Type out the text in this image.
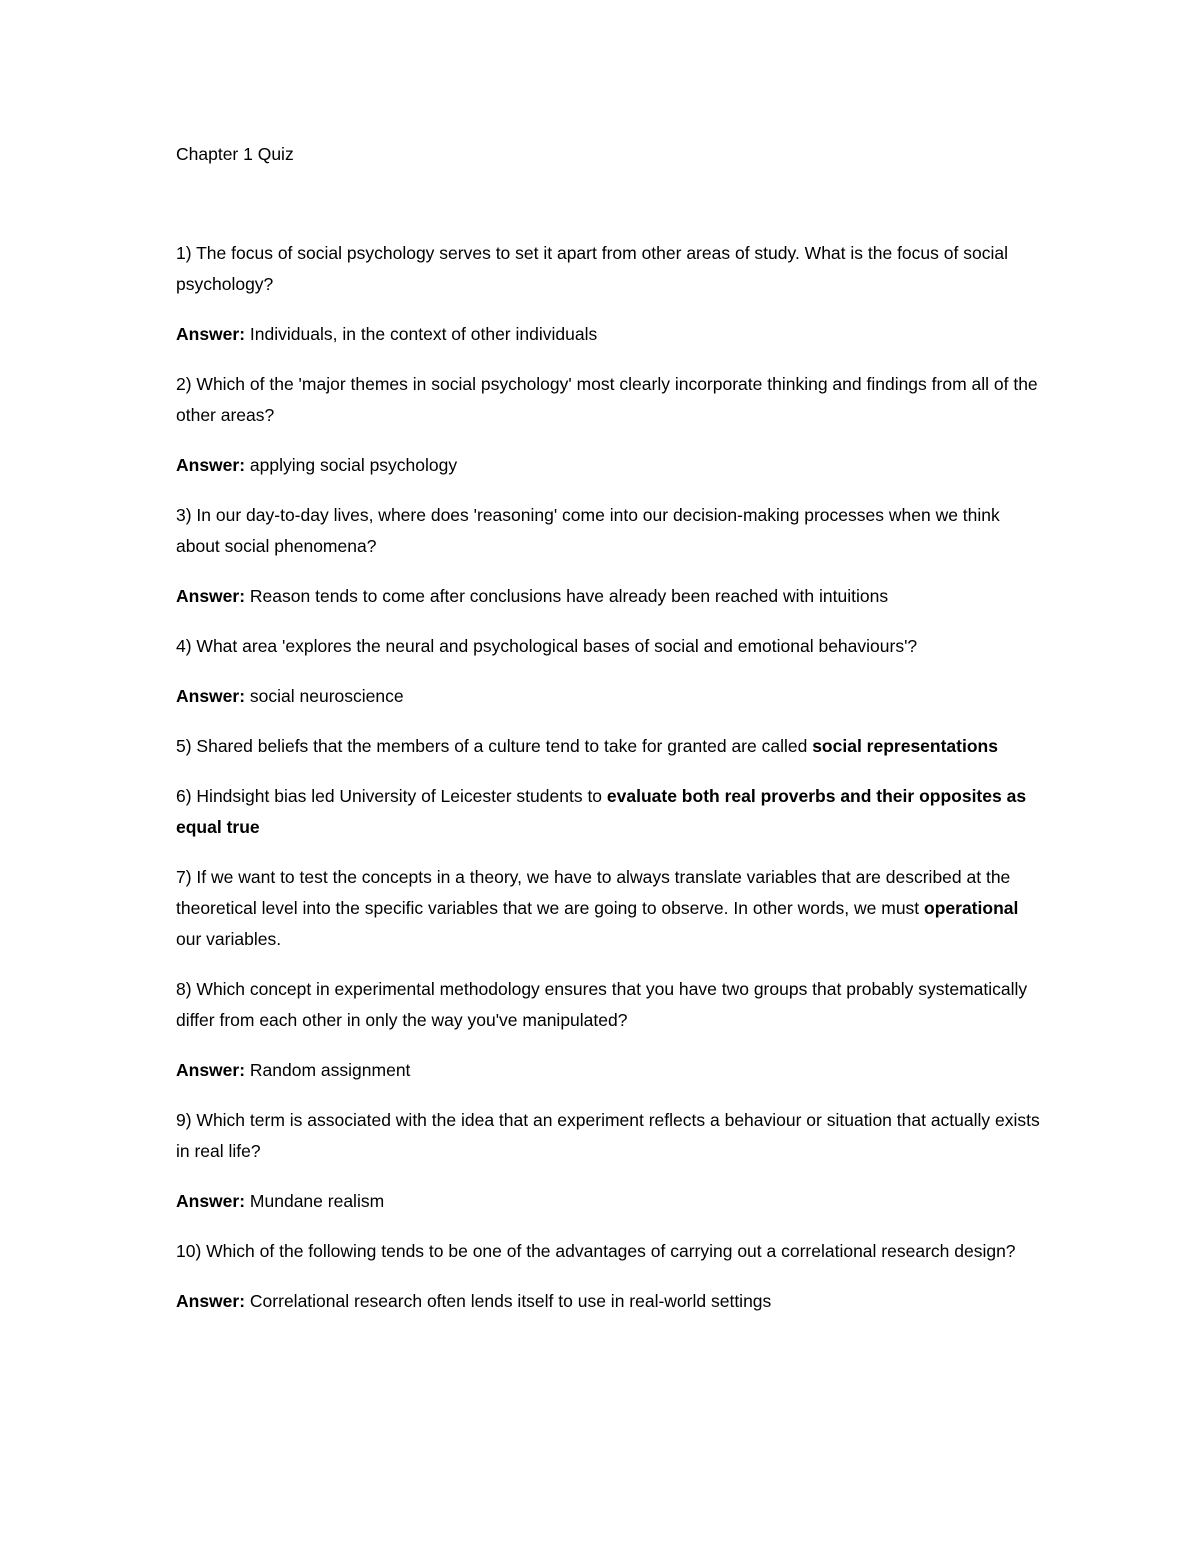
Chapter 1 Quiz
1) The focus of social psychology serves to set it apart from other areas of study. What is the focus of social psychology?
Answer: Individuals, in the context of other individuals
2) Which of the 'major themes in social psychology' most clearly incorporate thinking and findings from all of the other areas?
Answer: applying social psychology
3) In our day-to-day lives, where does 'reasoning' come into our decision-making processes when we think about social phenomena?
Answer: Reason tends to come after conclusions have already been reached with intuitions
4) What area 'explores the neural and psychological bases of social and emotional behaviours'?
Answer: social neuroscience
5) Shared beliefs that the members of a culture tend to take for granted are called social representations
6) Hindsight bias led University of Leicester students to evaluate both real proverbs and their opposites as equal true
7) If we want to test the concepts in a theory, we have to always translate variables that are described at the theoretical level into the specific variables that we are going to observe. In other words, we must operational our variables.
8) Which concept in experimental methodology ensures that you have two groups that probably systematically differ from each other in only the way you've manipulated?
Answer: Random assignment
9) Which term is associated with the idea that an experiment reflects a behaviour or situation that actually exists in real life?
Answer: Mundane realism
10) Which of the following tends to be one of the advantages of carrying out a correlational research design?
Answer: Correlational research often lends itself to use in real-world settings
